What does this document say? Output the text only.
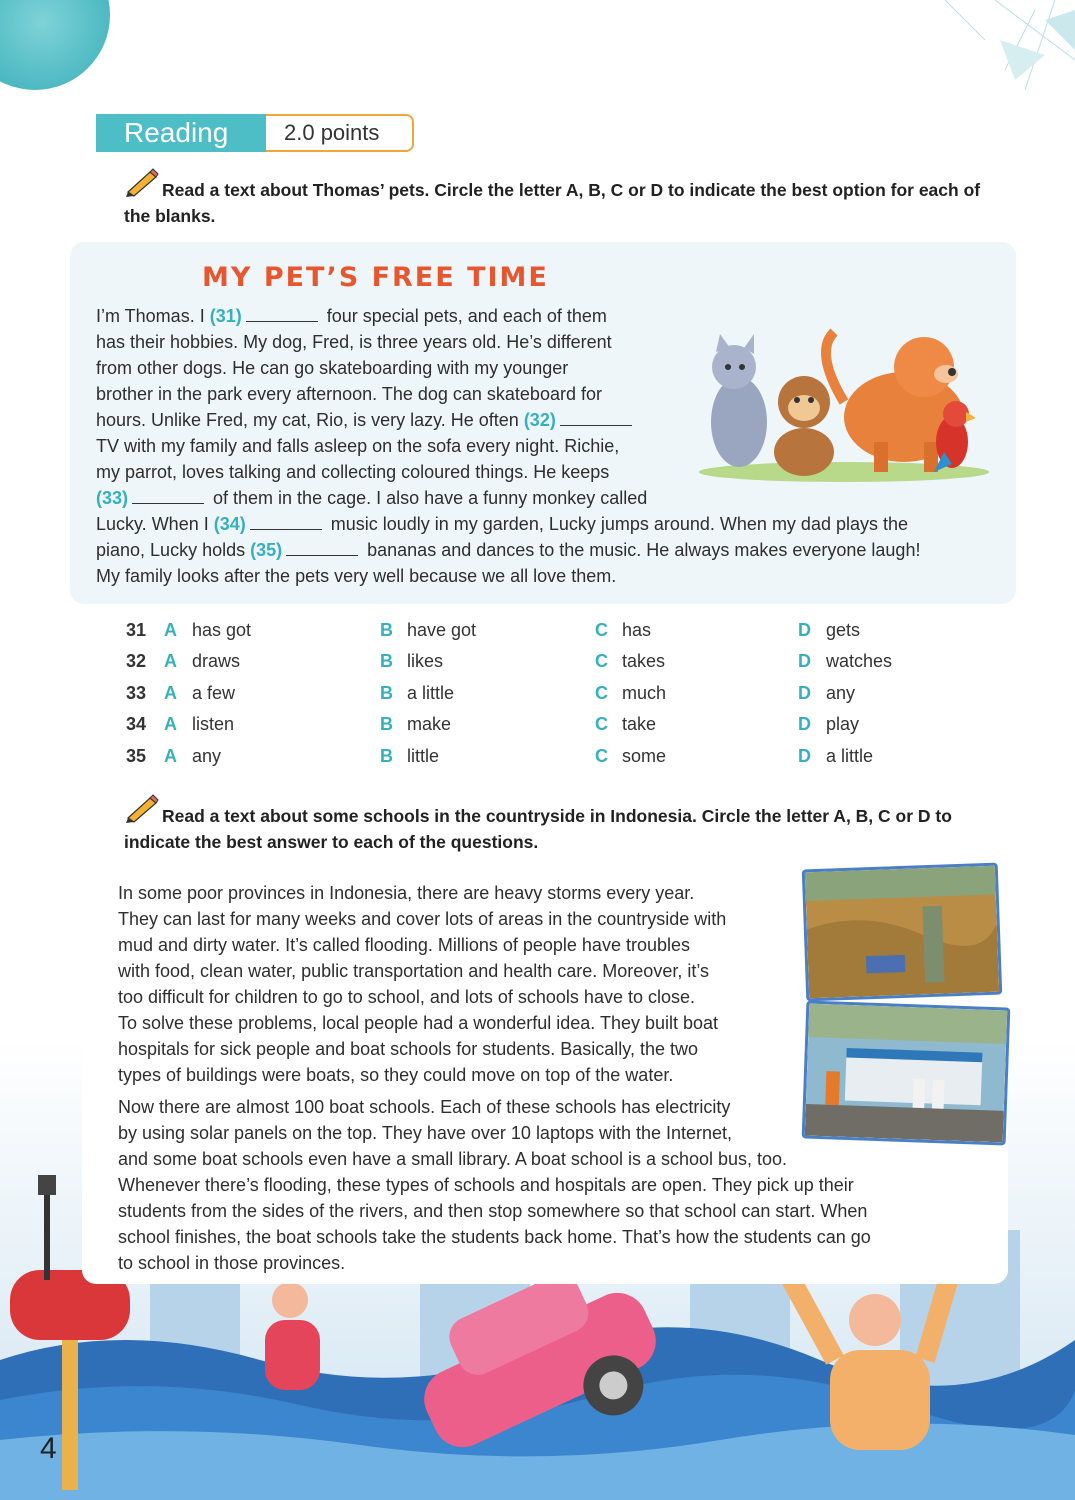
Reading	2.0 points
Read a text about Thomas’ pets. Circle the letter A, B, C or D to indicate the best option for each of the blanks.
MY PET’S FREE TIME
I’m Thomas. I (31)	four special pets, and each of them
has their hobbies. My dog, Fred, is three years old. He’s different
from other dogs. He can go skateboarding with my younger
brother in the park every afternoon. The dog can skateboard for
hours. Unlike Fred, my cat, Rio, is very lazy. He often (32)
TV with my family and falls asleep on the sofa every night. Richie,
my parrot, loves talking and collecting coloured things. He keeps
(33)	of them in the cage. I also have a funny monkey called
Lucky. When I (34)	music loudly in my garden, Lucky jumps around. When my dad plays the
piano, Lucky holds (35)	bananas and dances to the music. He always makes everyone laugh!
My family looks after the pets very well because we all love them.
31 A has got	B have got	C has	D gets
32 A draws	B likes	C takes	D watches
33 A a few	B a little	C much	D any
34 A listen	B make	C take	D play
35 A any	B little	C some	D a little
Read a text about some schools in the countryside in Indonesia. Circle the letter A, B, C or D to indicate the best answer to each of the questions.
In some poor provinces in Indonesia, there are heavy storms every year.
They can last for many weeks and cover lots of areas in the countryside with
mud and dirty water. It’s called flooding. Millions of people have troubles
with food, clean water, public transportation and health care. Moreover, it’s
too difficult for children to go to school, and lots of schools have to close.
To solve these problems, local people had a wonderful idea. They built boat
hospitals for sick people and boat schools for students. Basically, the two
types of buildings were boats, so they could move on top of the water.
Now there are almost 100 boat schools. Each of these schools has electricity
by using solar panels on the top. They have over 10 laptops with the Internet,
and some boat schools even have a small library. A boat school is a school bus, too.
Whenever there’s flooding, these types of schools and hospitals are open. They pick up their
students from the sides of the rivers, and then stop somewhere so that school can start. When
school finishes, the boat schools take the students back home. That’s how the students can go
to school in those provinces.
4
